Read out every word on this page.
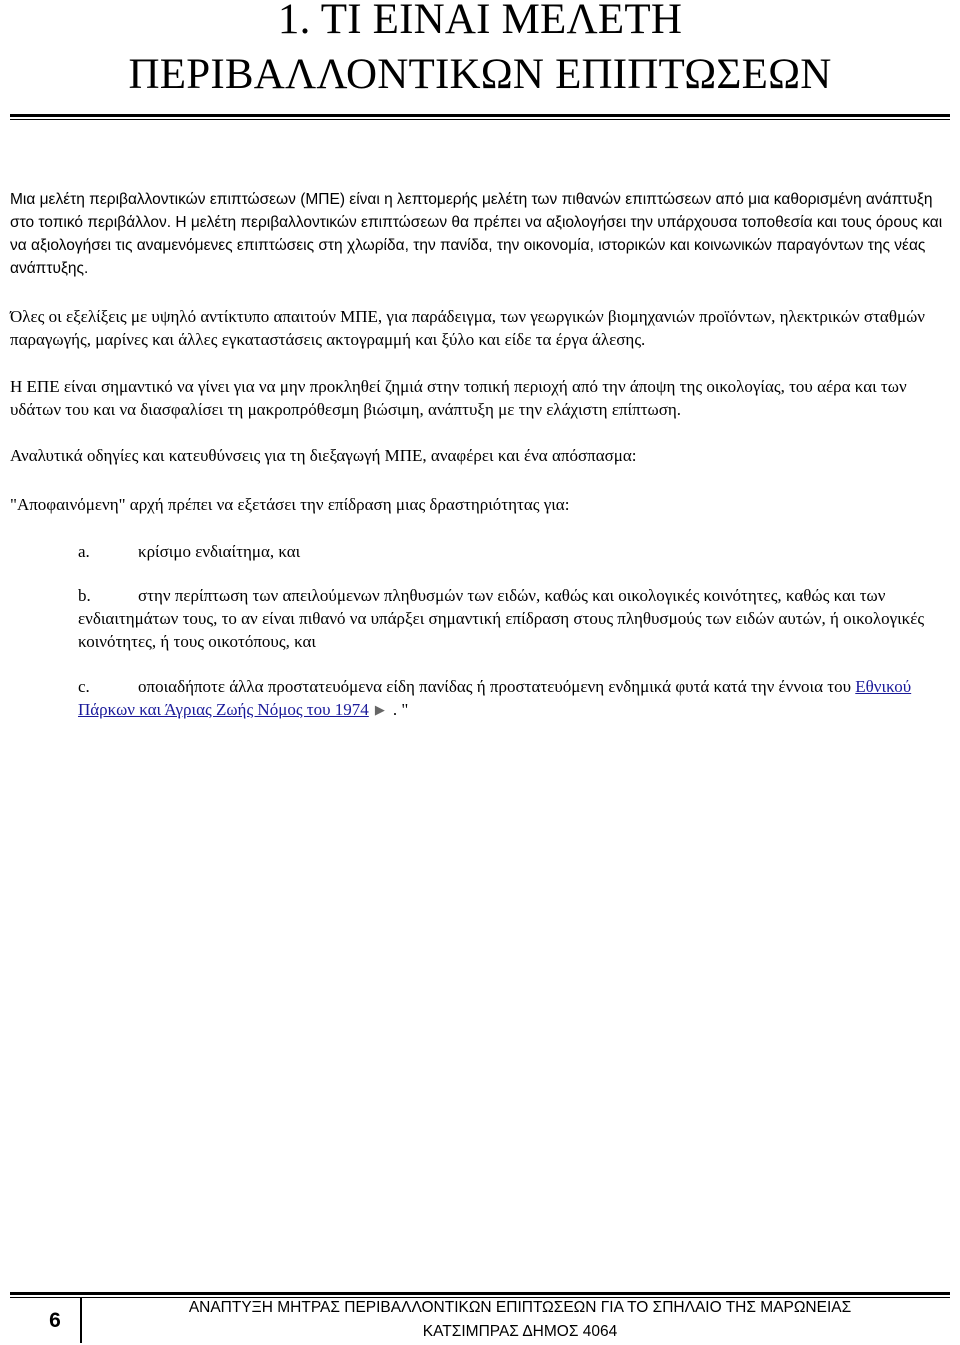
1. ΤΙ ΕΙΝΑΙ ΜΕΛΕΤΗ
ΠΕΡΙΒΑΛΛΟΝΤΙΚΩΝ ΕΠΙΠΤΩΣΕΩΝ

Μια μελέτη περιβαλλοντικών επιπτώσεων (ΜΠΕ) είναι η λεπτομερής μελέτη των πιθανών επιπτώσεων από μια καθορισμένη ανάπτυξη στο τοπικό περιβάλλον. Η μελέτη περιβαλλοντικών επιπτώσεων θα πρέπει να αξιολογήσει την υπάρχουσα τοποθεσία και τους όρους και να αξιολογήσει τις αναμενόμενες επιπτώσεις στη χλωρίδα, την πανίδα, την οικονομία, ιστορικών και κοινωνικών παραγόντων της νέας ανάπτυξης.

Όλες οι εξελίξεις με υψηλό αντίκτυπο απαιτούν ΜΠΕ, για παράδειγμα, των γεωργικών βιομηχανιών προϊόντων, ηλεκτρικών σταθμών παραγωγής, μαρίνες και άλλες εγκαταστάσεις ακτογραμμή και ξύλο και είδε τα έργα άλεσης.

Η ΕΠΕ είναι σημαντικό να γίνει για να μην προκληθεί ζημιά στην τοπική περιοχή από την άποψη της οικολογίας, του αέρα και των υδάτων του και να διασφαλίσει τη μακροπρόθεσμη βιώσιμη, ανάπτυξη με την ελάχιστη επίπτωση.

Αναλυτικά οδηγίες και κατευθύνσεις για τη διεξαγωγή ΜΠΕ, αναφέρει και ένα απόσπασμα:

"Αποφαινόμενη" αρχή πρέπει να εξετάσει την επίδραση μιας δραστηριότητας για:

a.	κρίσιμο ενδιαίτημα, και

b.	στην περίπτωση των απειλούμενων πληθυσμών των ειδών, καθώς και οικολογικές κοινότητες, καθώς και των ενδιαιτημάτων τους, το αν είναι πιθανό να υπάρξει σημαντική επίδραση στους πληθυσμούς των ειδών αυτών, ή οικολογικές κοινότητες, ή τους οικοτόπους, και

c.	οποιαδήποτε άλλα προστατευόμενα είδη πανίδας ή προστατευόμενη ενδημικά φυτά κατά την έννοια του Εθνικού Πάρκων και Άγριας Ζωής Νόμος του 1974 ▶ . "

6
ΑΝΑΠΤΥΞΗ ΜΗΤΡΑΣ ΠΕΡΙΒΑΛΛΟΝΤΙΚΩΝ ΕΠΙΠΤΩΣΕΩΝ ΓΙΑ ΤΟ ΣΠΗΛΑΙΟ ΤΗΣ ΜΑΡΩΝΕΙΑΣ
ΚΑΤΣΙΜΠΡΑΣ ΔΗΜΟΣ 4064
